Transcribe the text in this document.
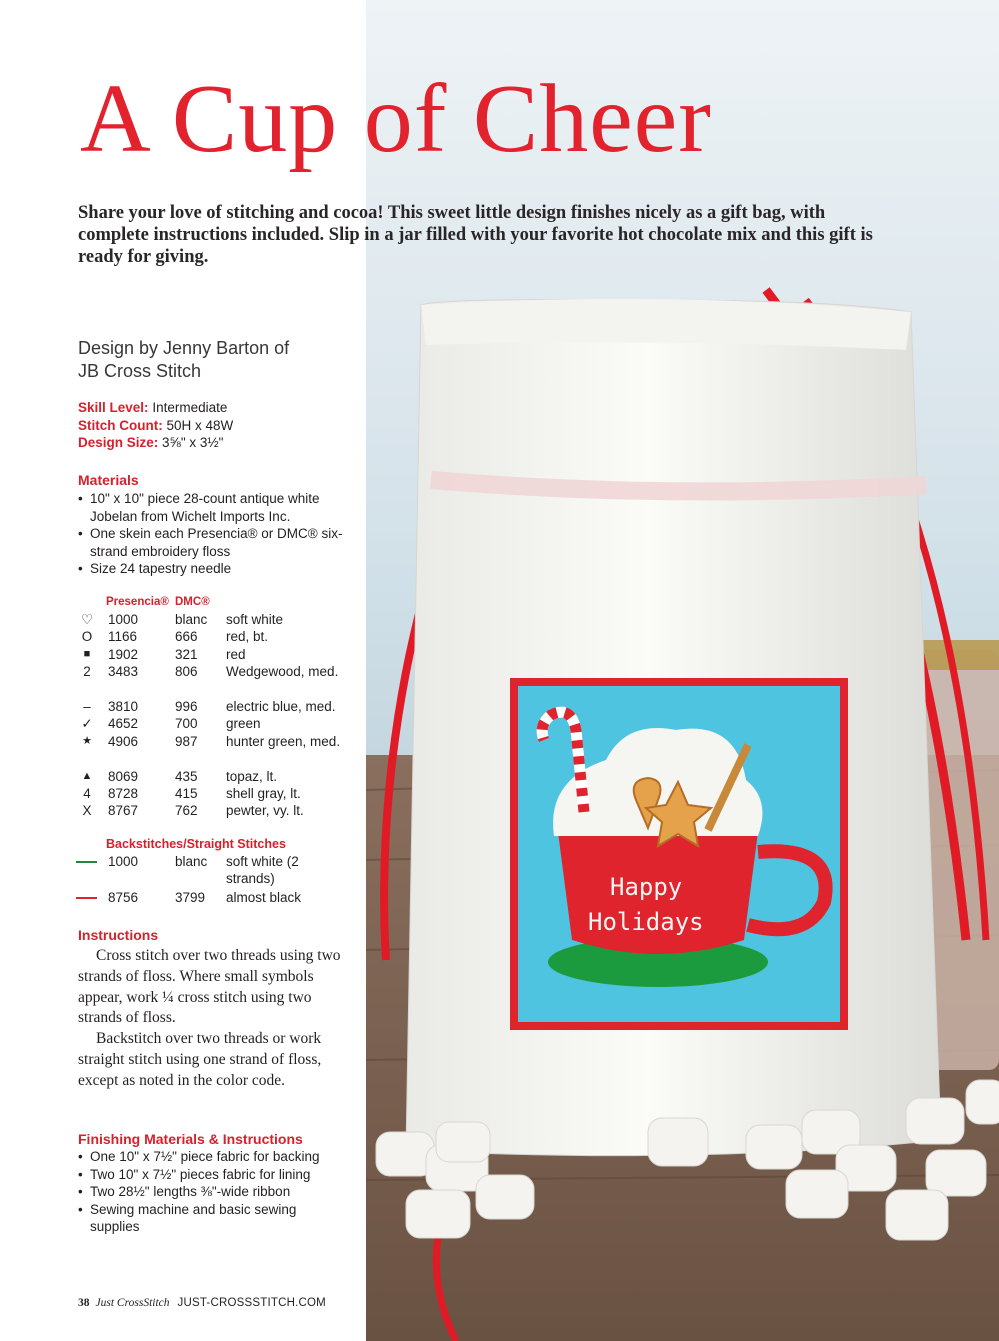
Happy
Holidays
A Cup of Cheer
Share your love of stitching and cocoa! This sweet little design finishes nicely as a gift bag, with complete instructions included. Slip in a jar filled with your favorite hot chocolate mix and this gift is ready for giving.
Design by Jenny Barton of
JB Cross Stitch
Skill Level: Intermediate
Stitch Count: 50H x 48W
Design Size: 3⅝" x 3½"
Materials
• 10" x 10" piece 28-count antique white Jobelan from Wichelt Imports Inc.
• One skein each Presencia® or DMC® six-strand embroidery floss
• Size 24 tapestry needle
Presencia® DMC®
♡ 1000	blanc soft white
O 1166	666 red, bt.
■ 1902	321 red
2 3483	806 Wedgewood, med.
– 3810	996 electric blue, med.
✓ 4652	700 green
★ 4906	987 hunter green, med.
▲ 8069	435 topaz, lt.
4 8728	415 shell gray, lt.
X 8767	762 pewter, vy. lt.
Backstitches/Straight Stitches
1000	blanc soft white (2 strands)
8756	3799 almost black
Instructions

Cross stitch over two threads using two strands of floss. Where small symbols appear, work ¼ cross stitch using two strands of floss.

Backstitch over two threads or work straight stitch using one strand of floss, except as noted in the color code.

Finishing Materials & Instructions
• One 10" x 7½" piece fabric for backing
• Two 10" x 7½" pieces fabric for lining
• Two 28½" lengths ⅜"-wide ribbon
• Sewing machine and basic sewing supplies
38 Just CrossStitch JUST-CROSSSTITCH.COM
